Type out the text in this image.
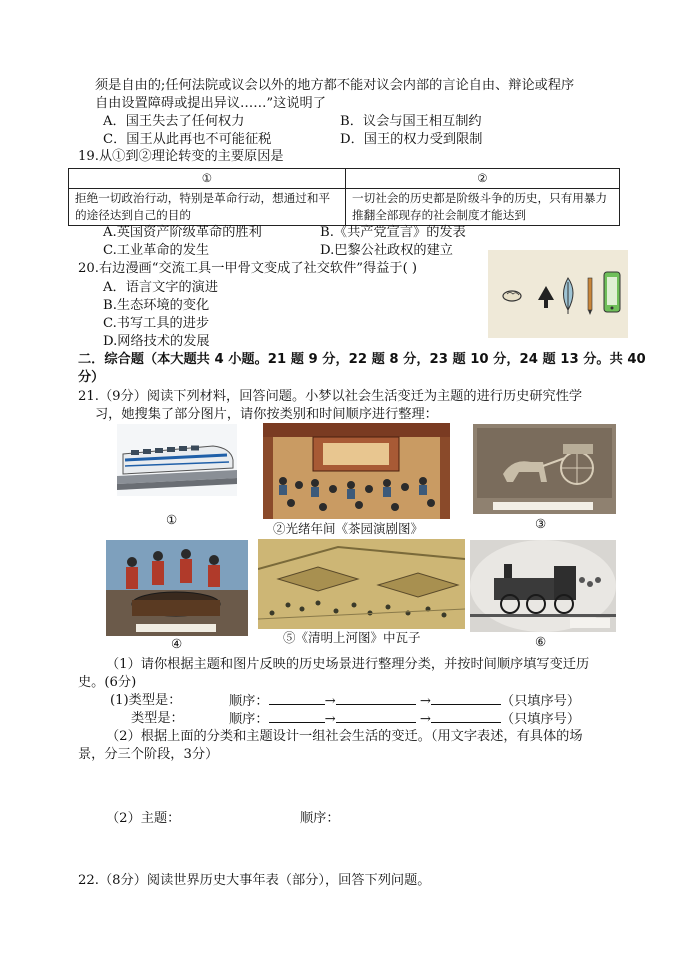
须是自由的;任何法院或议会以外的地方都不能对议会内部的言论自由、辩论或程序
自由设置障碍或提出异议……”这说明了
A．国王失去了任何权力	B．议会与国王相互制约
C．国王从此再也不可能征税	D．国王的权力受到限制
19.从①到②理论转变的主要原因是
①	②
拒绝一切政治行动，特别是革命行动，想通过和平的途径达到自己的目的	一切社会的历史都是阶级斗争的历史，只有用暴力推翻全部现存的社会制度才能达到
A.英国资产阶级革命的胜利	B.《共产党宣言》的发表
C.工业革命的发生	D.巴黎公社政权的建立
20.右边漫画“交流工具一甲骨文变成了社交软件”得益于( )
A．语言文字的演进
B.生态环境的变化
C.书写工具的进步
D.网络技术的发展
二．综合题（本大题共 4 小题。21 题 9 分，22 题 8 分，23 题 10 分，24 题 13 分。共 40
分）
21.（9分）阅读下列材料，回答问题。小梦以社会生活变迁为主题的进行历史研究性学
习，她搜集了部分图片，请你按类别和时间顺序进行整理：
①
②光绪年间《茶园演剧图》	③
④	⑤《清明上河图》中瓦子	⑥
（1）请你根据主题和图片反映的历史场景进行整理分类，并按时间顺序填写变迁历
史。(6分)
(1)类型是：	顺序：	→	→	（只填序号）
类型是：	顺序：	→	→	（只填序号）
（2）根据上面的分类和主题设计一组社会生活的变迁。（用文字表述，有具体的场
景，分三个阶段，3分）
（2）主题：	顺序：
22.（8分）阅读世界历史大事年表（部分），回答下列问题。
